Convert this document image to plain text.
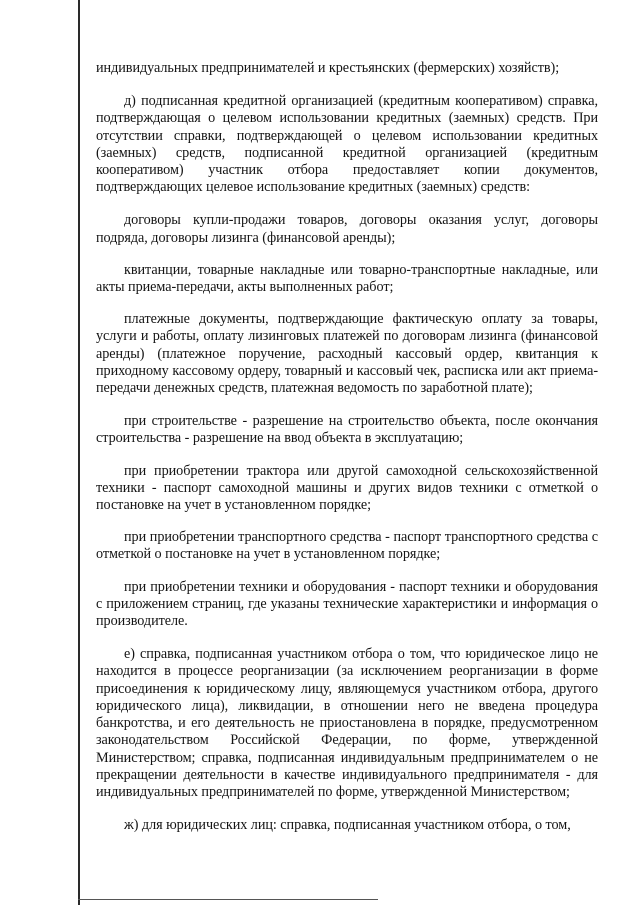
индивидуальных предпринимателей и крестьянских (фермерских) хозяйств);

д) подписанная кредитной организацией (кредитным кооперативом) справка, подтверждающая о целевом использовании кредитных (заемных) средств. При отсутствии справки, подтверждающей о целевом использовании кредитных (заемных) средств, подписанной кредитной организацией (кредитным кооперативом) участник отбора предоставляет копии документов, подтверждающих целевое использование кредитных (заемных) средств:

договоры купли-продажи товаров, договоры оказания услуг, договоры подряда, договоры лизинга (финансовой аренды);

квитанции, товарные накладные или товарно-транспортные накладные, или акты приема-передачи, акты выполненных работ;

платежные документы, подтверждающие фактическую оплату за товары, услуги и работы, оплату лизинговых платежей по договорам лизинга (финансовой аренды) (платежное поручение, расходный кассовый ордер, квитанция к приходному кассовому ордеру, товарный и кассовый чек, расписка или акт приема-передачи денежных средств, платежная ведомость по заработной плате);

при строительстве - разрешение на строительство объекта, после окончания строительства - разрешение на ввод объекта в эксплуатацию;

при приобретении трактора или другой самоходной сельскохозяйственной техники - паспорт самоходной машины и других видов техники с отметкой о постановке на учет в установленном порядке;

при приобретении транспортного средства - паспорт транспортного средства с отметкой о постановке на учет в установленном порядке;

при приобретении техники и оборудования - паспорт техники и оборудования с приложением страниц, где указаны технические характеристики и информация о производителе.

е) справка, подписанная участником отбора о том, что юридическое лицо не находится в процессе реорганизации (за исключением реорганизации в форме присоединения к юридическому лицу, являющемуся участником отбора, другого юридического лица), ликвидации, в отношении него не введена процедура банкротства, и его деятельность не приостановлена в порядке, предусмотренном законодательством Российской Федерации, по форме, утвержденной Министерством; справка, подписанная индивидуальным предпринимателем о не прекращении деятельности в качестве индивидуального предпринимателя - для индивидуальных предпринимателей по форме, утвержденной Министерством;

ж) для юридических лиц: справка, подписанная участником отбора, о том,
